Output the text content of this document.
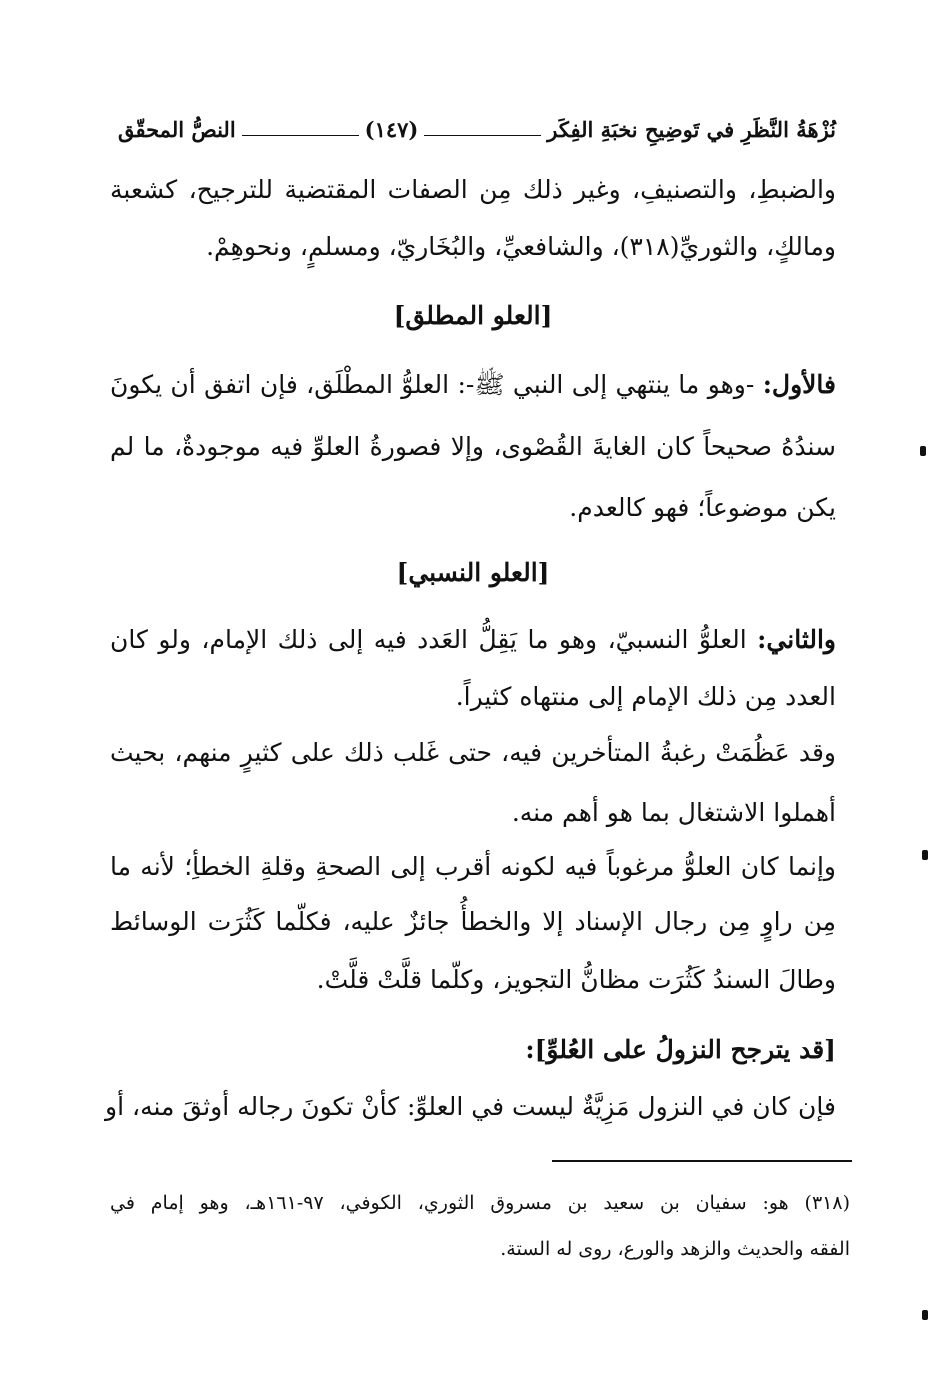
نُزْهَةُ النَّظَرِ في تَوضِيحِ نخبَةِ الفِكَر
(١٤٧)
النصُّ المحقّق
والضبطِ، والتصنيفِ، وغير ذلك مِن الصفات المقتضية للترجيح، كشعبة
ومالكٍ، والثوريِّ(٣١٨)، والشافعيِّ، والبُخَاريّ، ومسلمٍ، ونحوهِمْ.
[العلو المطلق]
فالأول: -وهو ما ينتهي إلى النبي ﷺ-: العلوُّ المطْلَق، فإن اتفق أن يكونَ
سندُهُ صحيحاً كان الغايةَ القُصْوى، وإلا فصورةُ العلوِّ فيه موجودةٌ، ما لم
يكن موضوعاً؛ فهو كالعدم.
[العلو النسبي]
والثاني: العلوُّ النسبيّ، وهو ما يَقِلُّ العَدد فيه إلى ذلك الإمام، ولو كان
العدد مِن ذلك الإمام إلى منتهاه كثيراً.
وقد عَظُمَتْ رغبةُ المتأخرين فيه، حتى غَلب ذلك على كثيرٍ منهم، بحيث
أهملوا الاشتغال بما هو أهم منه.
وإنما كان العلوُّ مرغوباً فيه لكونه أقرب إلى الصحةِ وقلةِ الخطأِ؛ لأنه ما
مِن راوٍ مِن رجال الإسناد إلا والخطأُ جائزٌ عليه، فكلّما كَثُرَت الوسائط
وطالَ السندُ كَثُرَت مظانُّ التجويز، وكلّما قلَّتْ قلَّتْ.
[قد يترجح النزولُ على العُلوِّ]:
فإن كان في النزول مَزِيَّةٌ ليست في العلوِّ: كأنْ تكونَ رجاله أوثقَ منه، أو
(٣١٨) هو: سفيان بن سعيد بن مسروق الثوري، الكوفي، ٩٧-١٦١هـ، وهو إمام في
الفقه والحديث والزهد والورع، روى له الستة.
